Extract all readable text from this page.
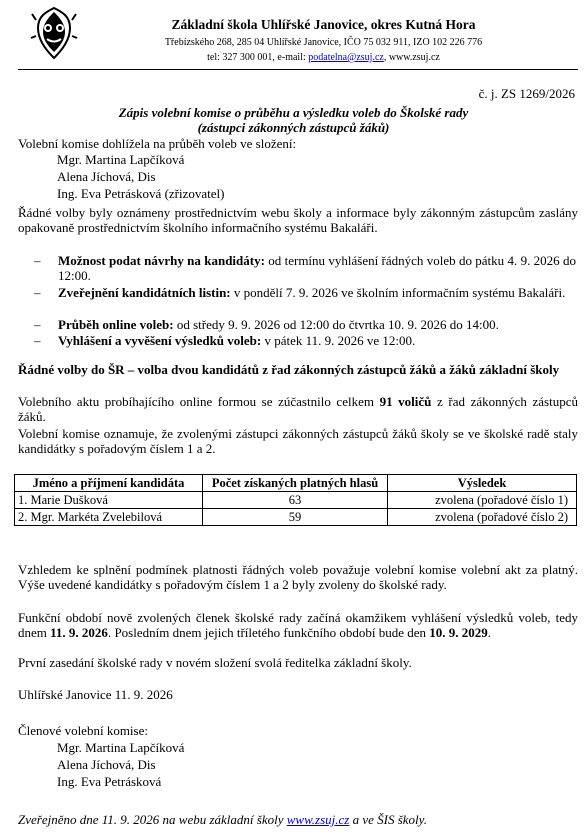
Základní škola Uhlířské Janovice, okres Kutná Hora
Třebízského 268, 285 04 Uhlířské Janovice, IČO 75 032 911, IZO 102 226 776
tel: 327 300 001, e-mail: podatelna@zsuj.cz, www.zsuj.cz
č. j. ZS 1269/2026
Zápis volební komise o průběhu a výsledku voleb do Školské rady
(zástupci zákonných zástupců žáků)
Volební komise dohlížela na průběh voleb ve složení:
Mgr. Martina Lapčíková
Alena Jíchová, Dis
Ing. Eva Petrásková (zřizovatel)
Řádné volby byly oznámeny prostřednictvím webu školy a informace byly zákonným zástupcům zaslány opakovaně prostřednictvím školního informačního systému Bakaláři.
– Možnost podat návrhy na kandidáty: od termínu vyhlášení řádných voleb do pátku 4. 9. 2026 do 12:00.
– Zveřejnění kandidátních listin: v pondělí 7. 9. 2026 ve školním informačním systému Bakaláři.
– Průběh online voleb: od středy 9. 9. 2026 od 12:00 do čtvrtka 10. 9. 2026 do 14:00.
– Vyhlášení a vyvěšení výsledků voleb: v pátek 11. 9. 2026 ve 12:00.
Řádné volby do ŠR – volba dvou kandidátů z řad zákonných zástupců žáků a žáků základní školy
Volebního aktu probíhajícího online formou se zúčastnilo celkem 91 voličů z řad zákonných zástupců žáků.
Volební komise oznamuje, že zvolenými zástupci zákonných zástupců žáků školy se ve školské radě staly kandidátky s pořadovým číslem 1 a 2.
Jméno a příjmení kandidáta	Počet získaných platných hlasů	Výsledek
1. Marie Dušková	63	zvolena (pořadové číslo 1)
2. Mgr. Markéta Zvelebilová	59	zvolena (pořadové číslo 2)
Vzhledem ke splnění podmínek platnosti řádných voleb považuje volební komise volební akt za platný. Výše uvedené kandidátky s pořadovým číslem 1 a 2 byly zvoleny do školské rady.
Funkční období nově zvolených členek školské rady začíná okamžikem vyhlášení výsledků voleb, tedy dnem 11. 9. 2026. Posledním dnem jejich tříletého funkčního období bude den 10. 9. 2029.
První zasedání školské rady v novém složení svolá ředitelka základní školy.
Uhlířské Janovice 11. 9. 2026
Členové volební komise:
Mgr. Martina Lapčíková
Alena Jíchová, Dis
Ing. Eva Petrásková
Zveřejněno dne 11. 9. 2026 na webu základní školy www.zsuj.cz a ve ŠIS školy.
